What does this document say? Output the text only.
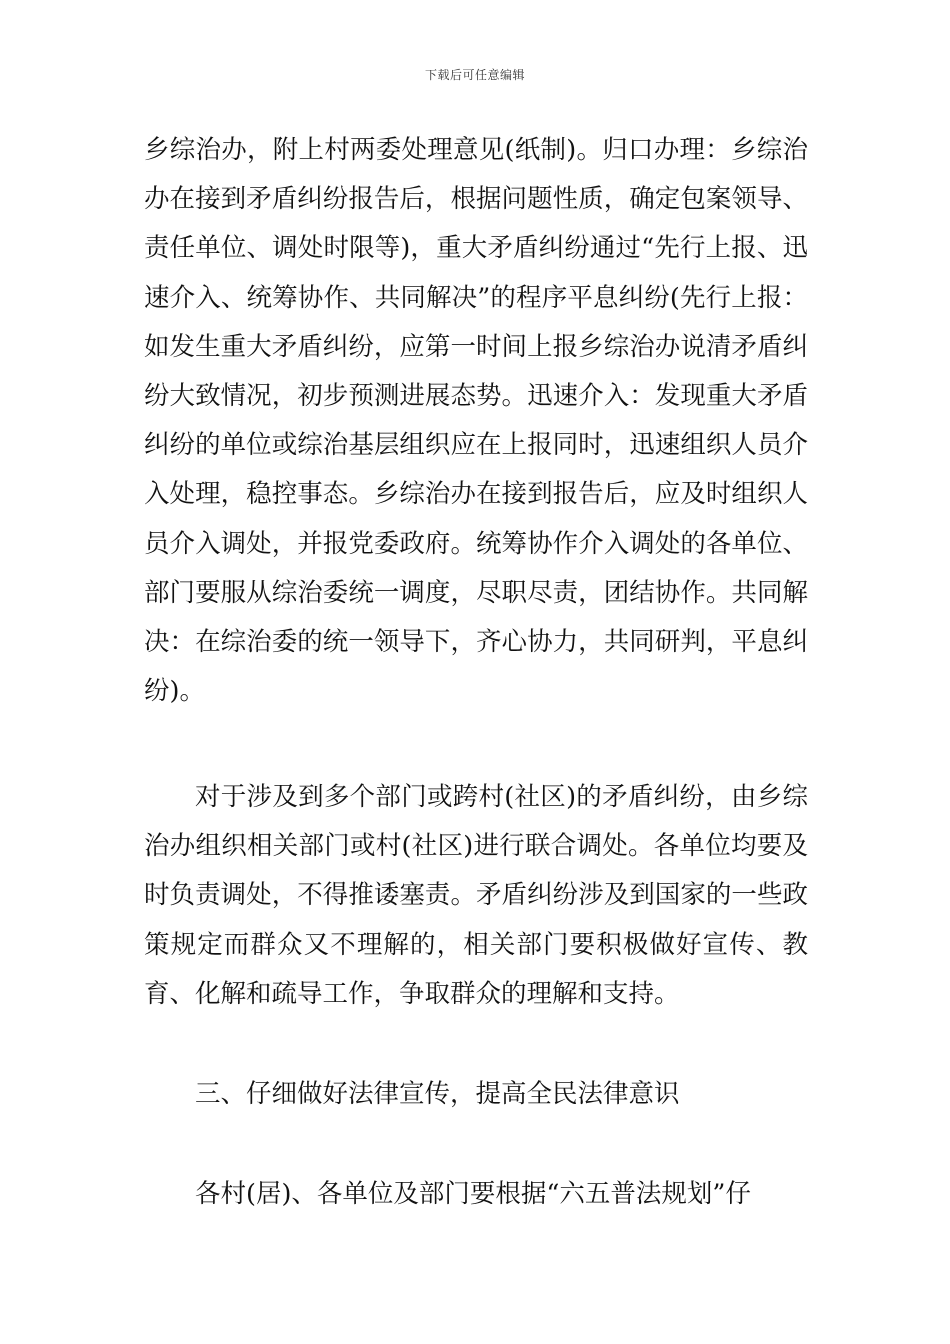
下载后可任意编辑

乡综治办，附上村两委处理意见(纸制)。归口办理：乡综治办在接到矛盾纠纷报告后，根据问题性质，确定包案领导、责任单位、调处时限等)，重大矛盾纠纷通过“先行上报、迅速介入、统筹协作、共同解决”的程序平息纠纷(先行上报：如发生重大矛盾纠纷，应第一时间上报乡综治办说清矛盾纠纷大致情况，初步预测进展态势。迅速介入：发现重大矛盾纠纷的单位或综治基层组织应在上报同时，迅速组织人员介入处理，稳控事态。乡综治办在接到报告后，应及时组织人员介入调处，并报党委政府。统筹协作介入调处的各单位、部门要服从综治委统一调度，尽职尽责，团结协作。共同解决：在综治委的统一领导下，齐心协力，共同研判，平息纠纷)。

对于涉及到多个部门或跨村(社区)的矛盾纠纷，由乡综治办组织相关部门或村(社区)进行联合调处。各单位均要及时负责调处，不得推诿塞责。矛盾纠纷涉及到国家的一些政策规定而群众又不理解的，相关部门要积极做好宣传、教育、化解和疏导工作，争取群众的理解和支持。

三、仔细做好法律宣传，提高全民法律意识

各村(居)、各单位及部门要根据“六五普法规划”仔
